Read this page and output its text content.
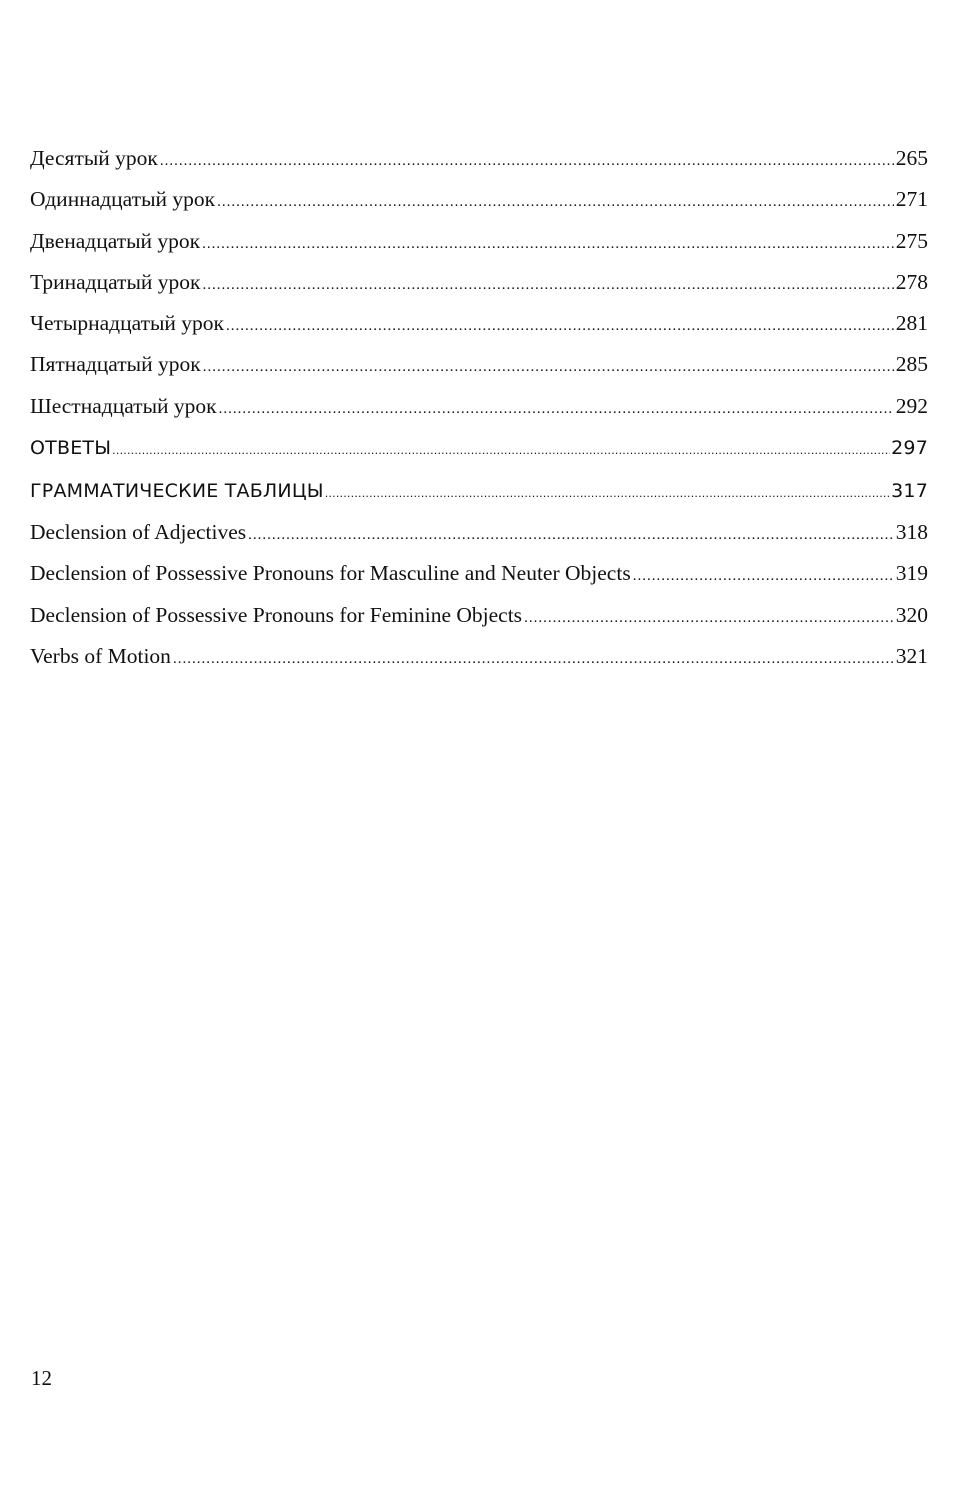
Десятый урок .....	265
Одиннадцатый урок .....	271
Двенадцатый урок .....	275
Тринадцатый урок .....	278
Четырнадцатый урок .....	281
Пятнадцатый урок .....	285
Шестнадцатый урок .....	292
ОТВЕТЫ .....	297
ГРАММАТИЧЕСКИЕ ТАБЛИЦЫ .....	317
Declension of Adjectives .....	318
Declension of Possessive Pronouns for Masculine and Neuter Objects .....	319
Declension of Possessive Pronouns for Feminine Objects .....	320
Verbs of Motion .....	321
12
